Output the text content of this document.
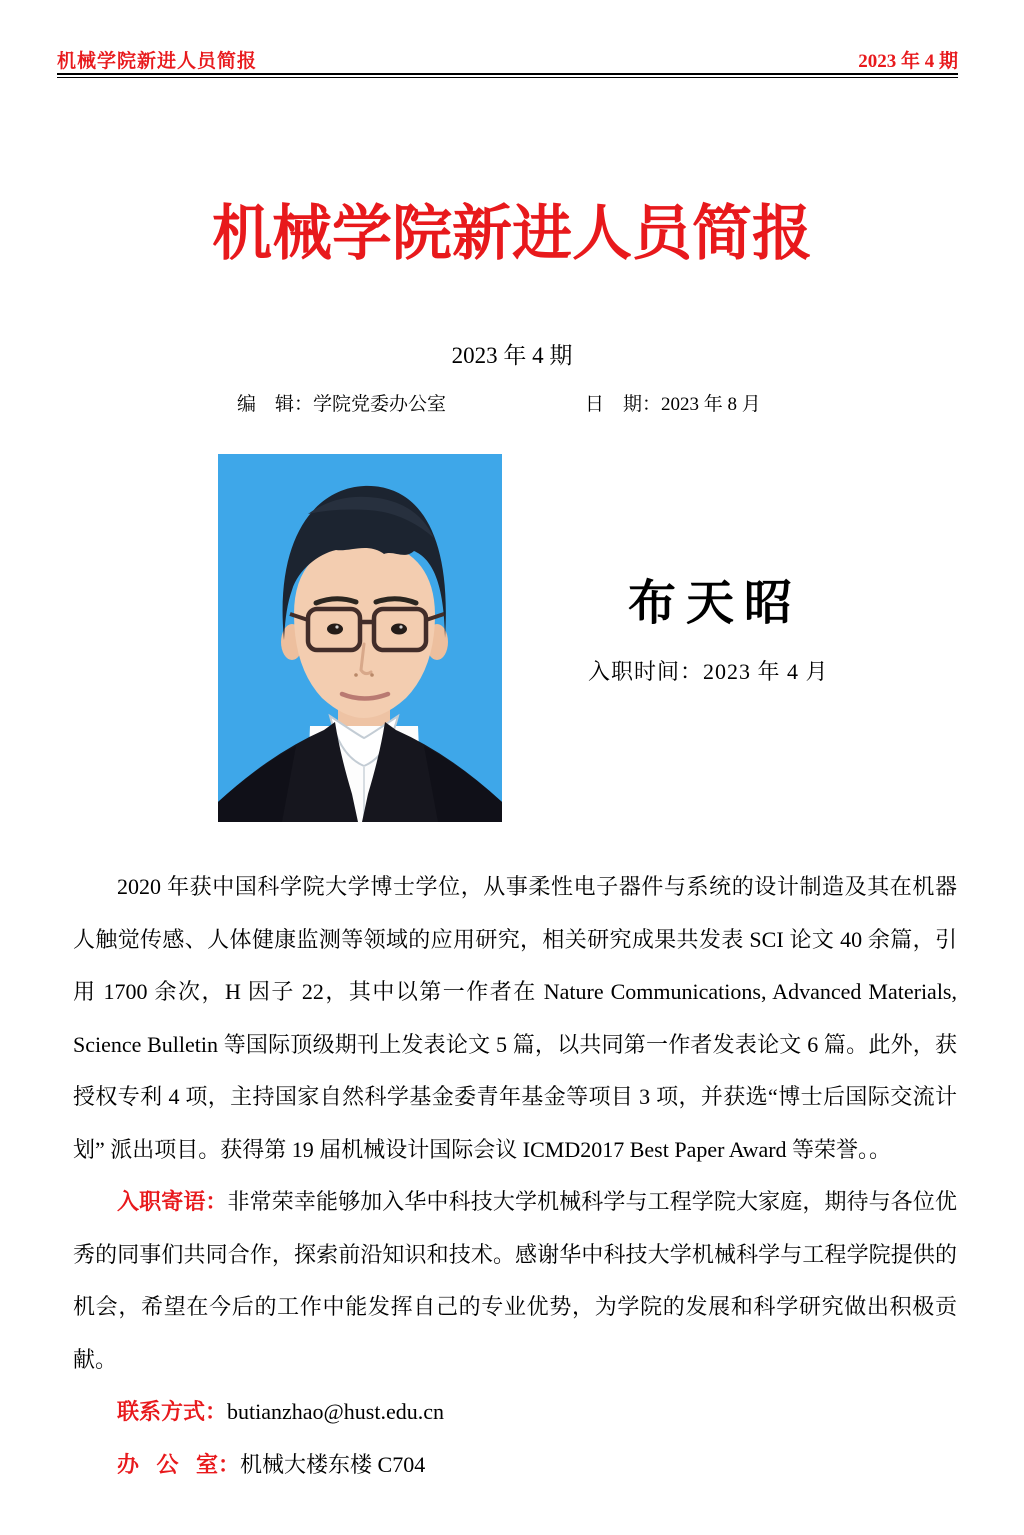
机械学院新进人员简报	2023 年 4 期
机械学院新进人员简报
2023 年 4 期
编　辑：学院党委办公室	日　期：2023 年 8 月
布天昭
入职时间：2023 年 4 月

2020 年获中国科学院大学博士学位，从事柔性电子器件与系统的设计制造及其在机器人触觉传感、人体健康监测等领域的应用研究，相关研究成果共发表 SCI 论文 40 余篇，引用 1700 余次，H 因子 22，其中以第一作者在 Nature Communications, Advanced Materials, Science Bulletin 等国际顶级期刊上发表论文 5 篇，以共同第一作者发表论文 6 篇。此外，获授权专利 4 项，主持国家自然科学基金委青年基金等项目 3 项，并获选“博士后国际交流计划” 派出项目。获得第 19 届机械设计国际会议 ICMD2017 Best Paper Award 等荣誉。。

入职寄语：非常荣幸能够加入华中科技大学机械科学与工程学院大家庭，期待与各位优秀的同事们共同合作，探索前沿知识和技术。感谢华中科技大学机械科学与工程学院提供的机会，希望在今后的工作中能发挥自己的专业优势，为学院的发展和科学研究做出积极贡献。

联系方式：butianzhao@hust.edu.cn

办 公 室：机械大楼东楼 C704
